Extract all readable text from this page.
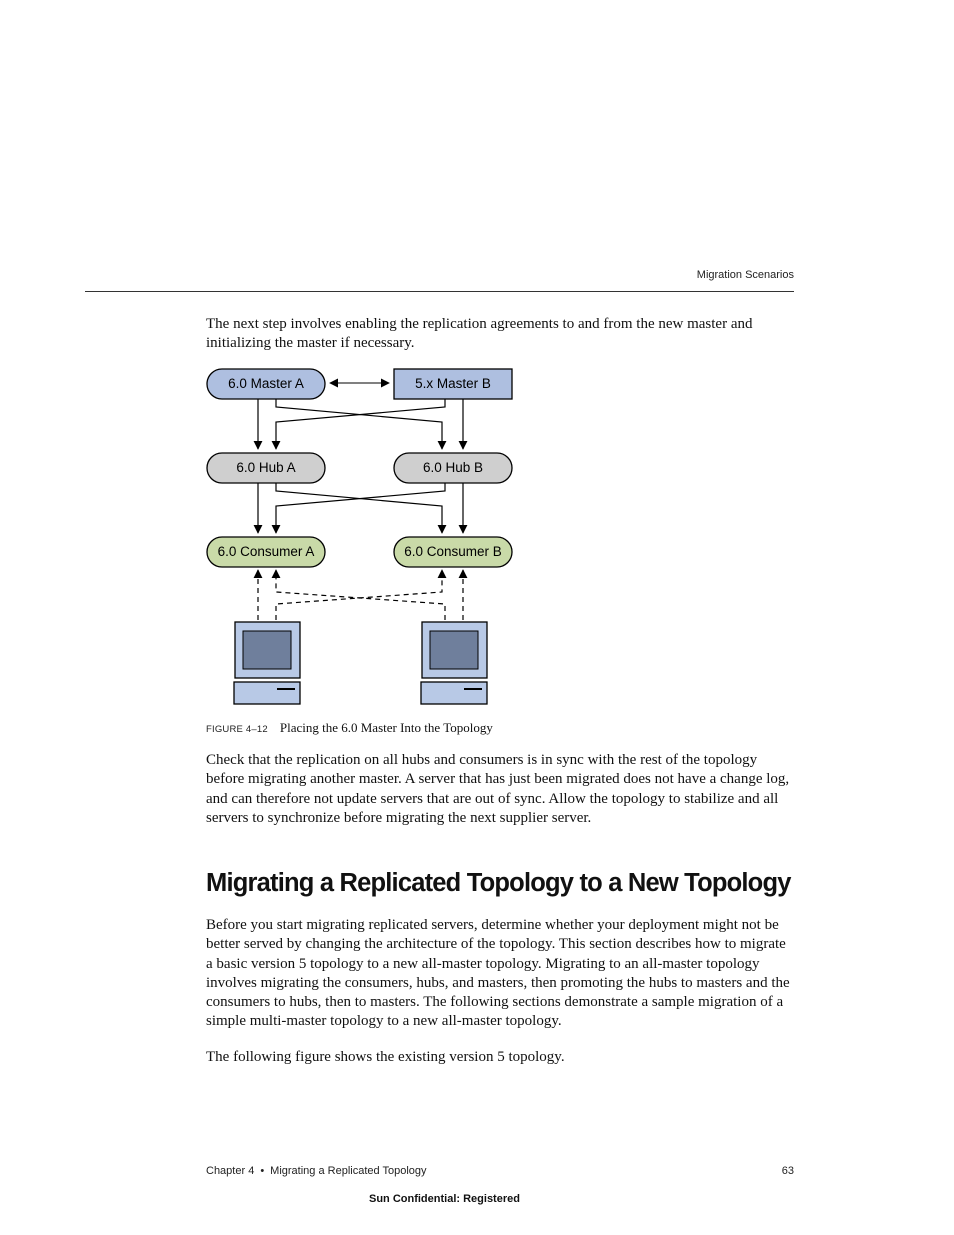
Migration Scenarios

The next step involves enabling the replication agreements to and from the new master and initializing the master if necessary.

6.0 Master A	5.x Master B
6.0 Hub A	6.0 Hub B
6.0 Consumer A	6.0 Consumer B
FIGURE 4–12 Placing the 6.0 Master Into the Topology

Check that the replication on all hubs and consumers is in sync with the rest of the topology before migrating another master. A server that has just been migrated does not have a change log, and can therefore not update servers that are out of sync. Allow the topology to stabilize and all servers to synchronize before migrating the next supplier server.

Migrating a Replicated Topology to a New Topology

Before you start migrating replicated servers, determine whether your deployment might not be better served by changing the architecture of the topology. This section describes how to migrate a basic version 5 topology to a new all-master topology. Migrating to an all-master topology involves migrating the consumers, hubs, and masters, then promoting the hubs to masters and the consumers to hubs, then to masters. The following sections demonstrate a sample migration of a simple multi-master topology to a new all-master topology.

The following figure shows the existing version 5 topology.

Chapter 4 • Migrating a Replicated Topology	63
Sun Confidential: Registered
